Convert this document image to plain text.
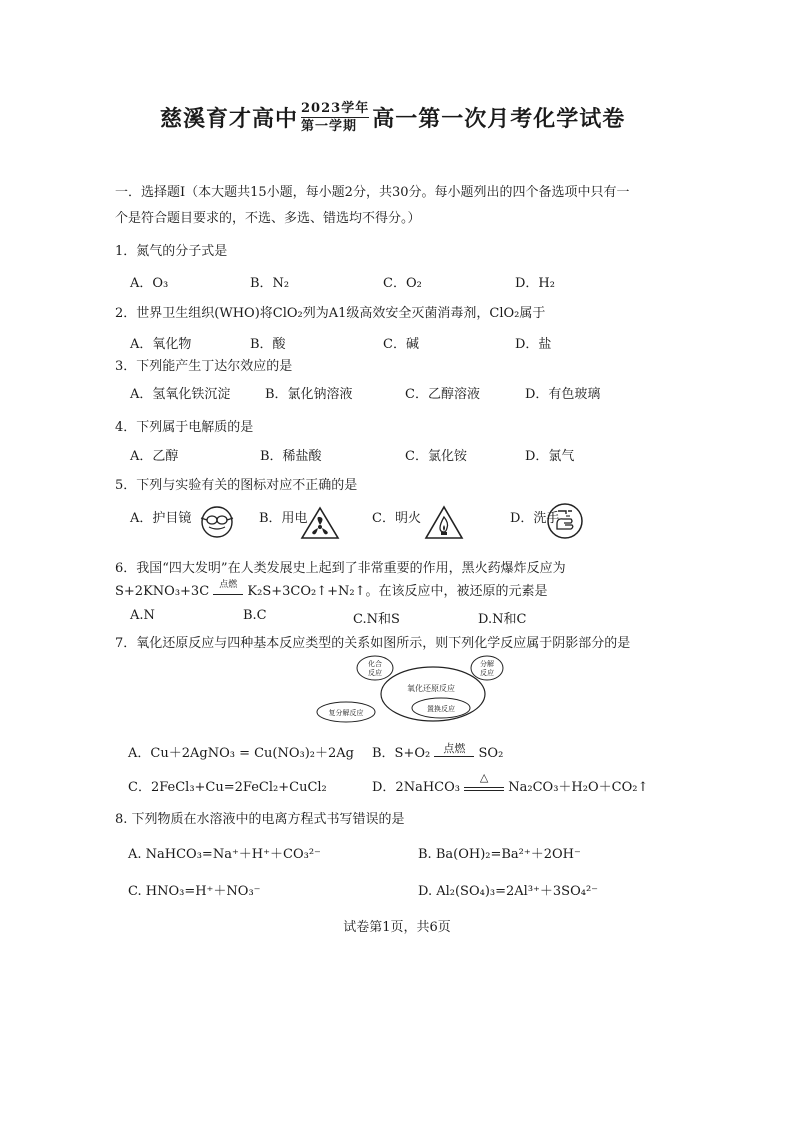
慈溪育才高中 2023学年
第一学期 高一第一次月考化学试卷
一．选择题Ⅰ（本大题共15小题，每小题2分，共30分。每小题列出的四个备选项中只有一
个是符合题目要求的，不选、多选、错选均不得分。）
1．氮气的分子式是
A．O₃	B．N₂	C．O₂	D．H₂
2．世界卫生组织(WHO)将ClO₂列为A1级高效安全灭菌消毒剂，ClO₂属于
A．氧化物	B．酸	C．碱	D．盐
3．下列能产生丁达尔效应的是
A．氢氧化铁沉淀	B．氯化钠溶液	C．乙醇溶液	D．有色玻璃
4．下列属于电解质的是
A．乙醇	B．稀盐酸	C．氯化铵	D．氯气
5．下列与实验有关的图标对应不正确的是
A．护目镜	B．用电	C．明火	D．洗手
6．我国“四大发明”在人类发展史上起到了非常重要的作用，黑火药爆炸反应为
S+2KNO₃+3C	点燃 K₂S+3CO₂↑+N₂↑。在该反应中，被还原的元素是
A.N	B.C	C.N和S	D.N和C
7．氧化还原反应与四种基本反应类型的关系如图所示，则下列化学反应属于阴影部分的是
化合
反应
分解
反应
氧化还原反应
置换反应
复分解反应
A．Cu＋2AgNO₃ = Cu(NO₃)₂＋2Ag B．S+O₂	点燃	SO₂
C．2FeCl₃+Cu=2FeCl₂+CuCl₂	D．2NaHCO₃
△
Na₂CO₃＋H₂O＋CO₂↑
8. 下列物质在水溶液中的电离方程式书写错误的是
A. NaHCO₃=Na⁺＋H⁺＋CO₃²⁻	B. Ba(OH)₂=Ba²⁺＋2OH⁻
C. HNO₃=H⁺＋NO₃⁻	D. Al₂(SO₄)₃=2Al³⁺＋3SO₄²⁻
试卷第1页，共6页
